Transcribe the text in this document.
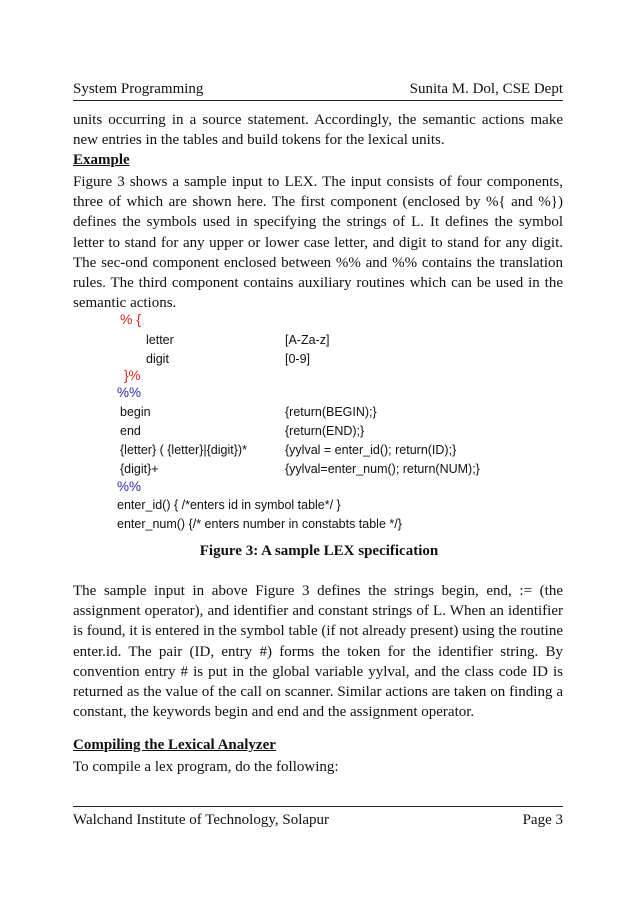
System Programming	Sunita M. Dol, CSE Dept

units occurring in a source statement. Accordingly, the semantic actions make new entries in the tables and build tokens for the lexical units.

Example

Figure 3 shows a sample input to LEX. The input consists of four components, three of which are shown here. The first component (enclosed by %{ and %}) defines the symbols used in specifying the strings of L. It defines the symbol letter to stand for any upper or lower case letter, and digit to stand for any digit. The sec-ond component enclosed between %% and %% contains the translation rules. The third component contains auxiliary routines which can be used in the semantic actions.

% {
letter	[A-Za-z]
digit	[0-9]
}%
%%
begin	{return(BEGIN);}
end	{return(END);}
{letter} ( {letter}|{digit})*	{yylval = enter_id(); return(ID);}
{digit}+	{yylval=enter_num(); return(NUM);}
%%
enter_id() { /*enters id in symbol table*/ }
enter_num() {/* enters number in constabts table */}
Figure 3: A sample LEX specification

The sample input in above Figure 3 defines the strings begin, end, := (the assignment operator), and identifier and constant strings of L. When an identifier is found, it is entered in the symbol table (if not already present) using the routine enter.id. The pair (ID, entry #) forms the token for the identifier string. By convention entry # is put in the global variable yylval, and the class code ID is returned as the value of the call on scanner. Similar actions are taken on finding a constant, the keywords begin and end and the assignment operator.

Compiling the Lexical Analyzer

To compile a lex program, do the following:

Walchand Institute of Technology, Solapur	Page 3
